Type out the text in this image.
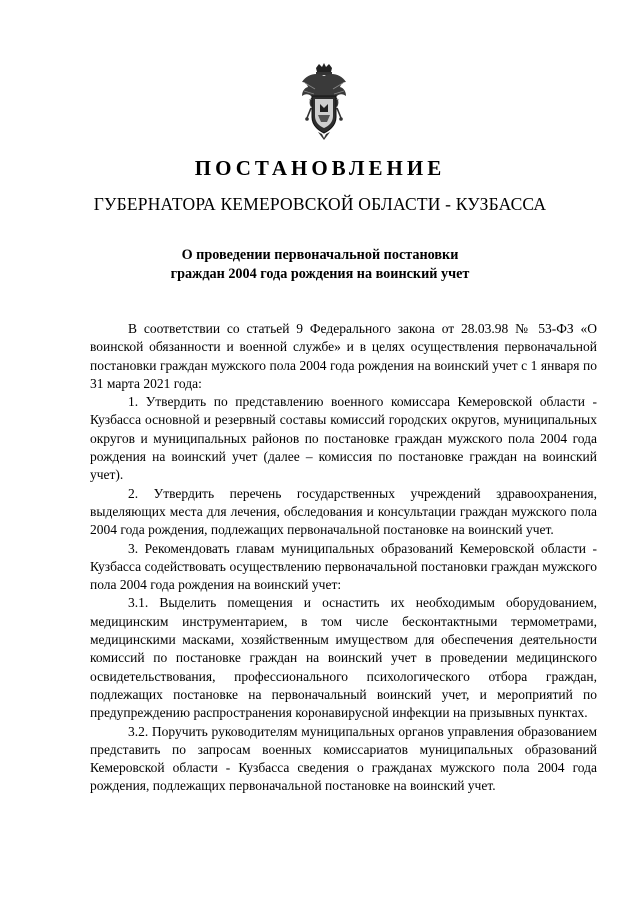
ПОСТАНОВЛЕНИЕ
ГУБЕРНАТОРА КЕМЕРОВСКОЙ ОБЛАСТИ - КУЗБАССА
О проведении первоначальной постановки
граждан 2004 года рождения на воинский учет

В соответствии со статьей 9 Федерального закона от 28.03.98 № 53-ФЗ «О воинской обязанности и военной службе» и в целях осуществления первоначальной постановки граждан мужского пола 2004 года рождения на воинский учет с 1 января по 31 марта 2021 года:

1. Утвердить по представлению военного комиссара Кемеровской области - Кузбасса основной и резервный составы комиссий городских округов, муниципальных округов и муниципальных районов по постановке граждан мужского пола 2004 года рождения на воинский учет (далее – комиссия по постановке граждан на воинский учет).

2. Утвердить перечень государственных учреждений здравоохранения, выделяющих места для лечения, обследования и консультации граждан мужского пола 2004 года рождения, подлежащих первоначальной постановке на воинский учет.

3. Рекомендовать главам муниципальных образований Кемеровской области - Кузбасса содействовать осуществлению первоначальной постановки граждан мужского пола 2004 года рождения на воинский учет:

3.1. Выделить помещения и оснастить их необходимым оборудованием, медицинским инструментарием, в том числе бесконтактными термометрами, медицинскими масками, хозяйственным имуществом для обеспечения деятельности комиссий по постановке граждан на воинский учет в проведении медицинского освидетельствования, профессионального психологического отбора граждан, подлежащих постановке на первоначальный воинский учет, и мероприятий по предупреждению распространения коронавирусной инфекции на призывных пунктах.

3.2. Поручить руководителям муниципальных органов управления образованием представить по запросам военных комиссариатов муниципальных образований Кемеровской области - Кузбасса сведения о гражданах мужского пола 2004 года рождения, подлежащих первоначальной постановке на воинский учет.
